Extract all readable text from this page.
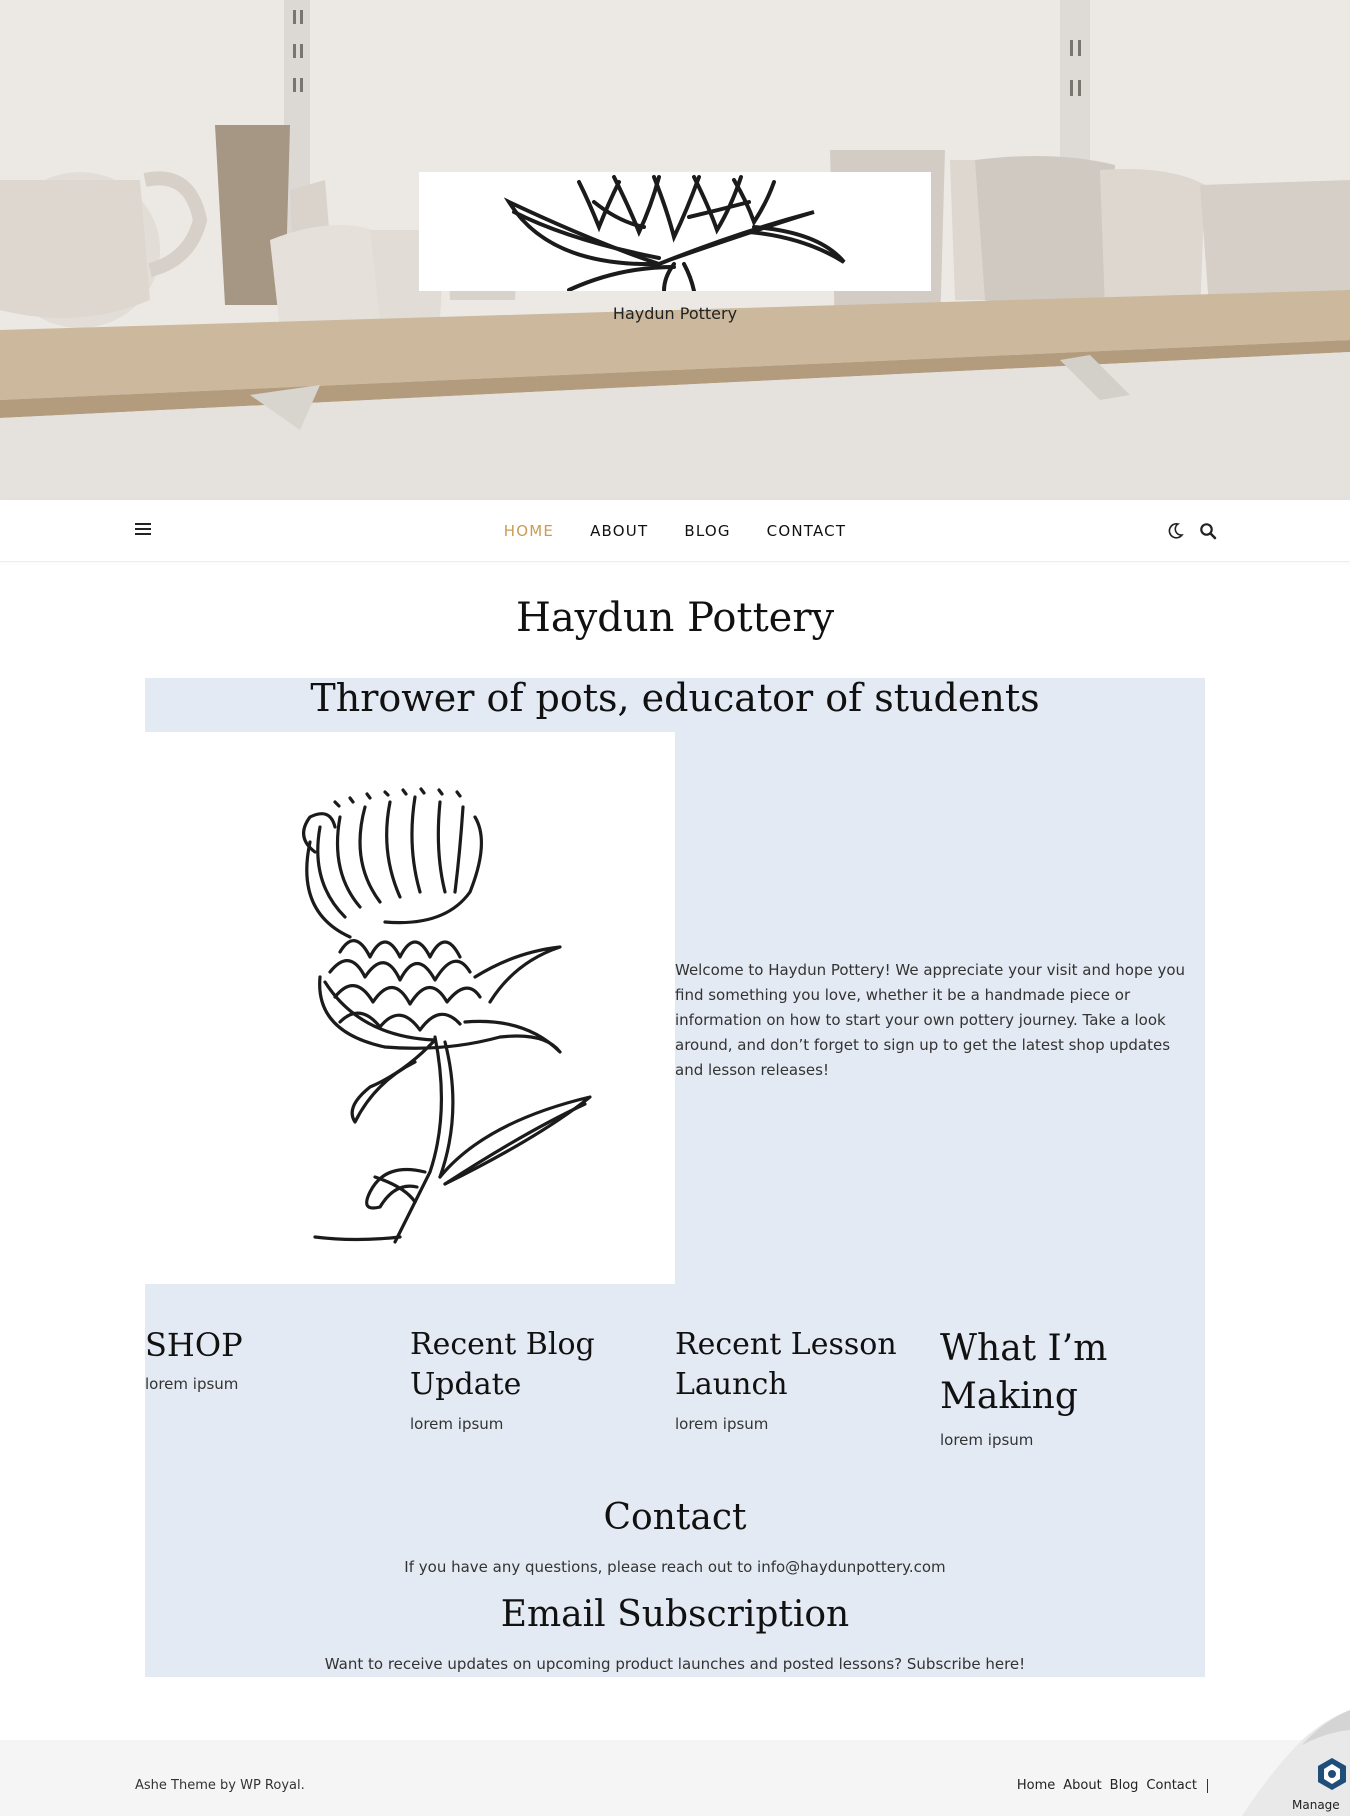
Haydun Pottery
HOME	ABOUT	BLOG	CONTACT
Haydun Pottery
Thrower of pots, educator of students

Welcome to Haydun Pottery! We appreciate your visit and hope you find something you love, whether it be a handmade piece or information on how to start your own pottery journey. Take a look around, and don’t forget to sign up to get the latest shop updates and lesson releases!

SHOP

lorem ipsum

Recent Blog Update

lorem ipsum

Recent Lesson Launch

lorem ipsum

What I’m Making

lorem ipsum

Contact

If you have any questions, please reach out to info@haydunpottery.com

Email Subscription

Want to receive updates on upcoming product launches and posted lessons? Subscribe here!

Ashe Theme by WP Royal.	Home About Blog Contact
Manage
